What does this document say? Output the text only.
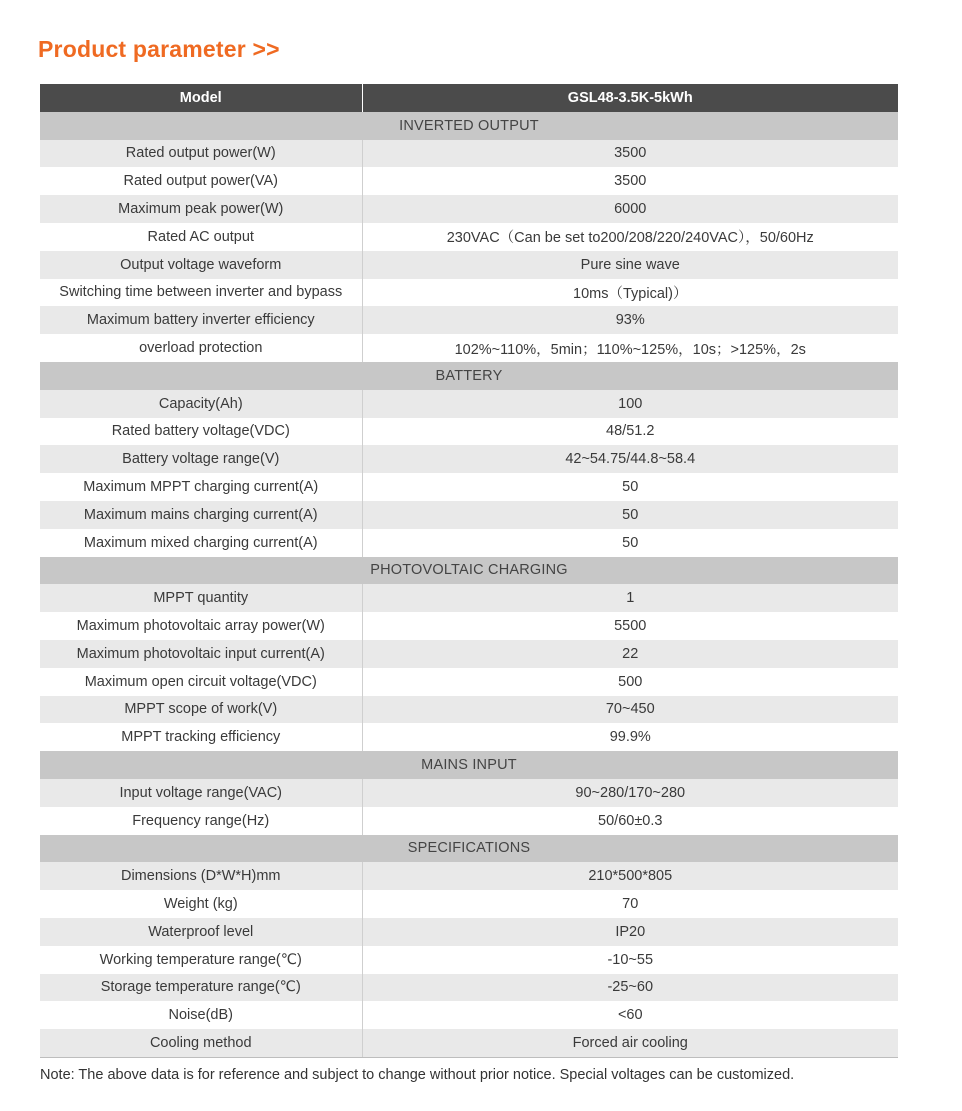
Product parameter >>
Model	GSL48-3.5K-5kWh
INVERTED OUTPUT	
Rated output power(W)	3500
Rated output power(VA)	3500
Maximum peak power(W)	6000
Rated AC output	230VAC（Can be set to200/208/220/240VAC），50/60Hz
Output voltage waveform	Pure sine wave
Switching time between inverter and bypass	10ms（Typical)）
Maximum battery inverter efficiency	93%
overload protection	102%~110%，5min；110%~125%，10s；>125%，2s
BATTERY	
Capacity(Ah)	100
Rated battery voltage(VDC)	48/51.2
Battery voltage range(V)	42~54.75/44.8~58.4
Maximum MPPT charging current(A)	50
Maximum mains charging current(A)	50
Maximum mixed charging current(A)	50
PHOTOVOLTAIC CHARGING	
MPPT quantity	1
Maximum photovoltaic array power(W)	5500
Maximum photovoltaic input current(A)	22
Maximum open circuit voltage(VDC)	500
MPPT scope of work(V)	70~450
MPPT tracking efficiency	99.9%
MAINS INPUT	
Input voltage range(VAC)	90~280/170~280
Frequency range(Hz)	50/60±0.3
SPECIFICATIONS	
Dimensions (D*W*H)mm	210*500*805
Weight (kg)	70
Waterproof level	IP20
Working temperature range(℃)	-10~55
Storage temperature range(℃)	-25~60
Noise(dB)	<60
Cooling method	Forced air cooling
Note: The above data is for reference and subject to change without prior notice. Special voltages can be customized.
